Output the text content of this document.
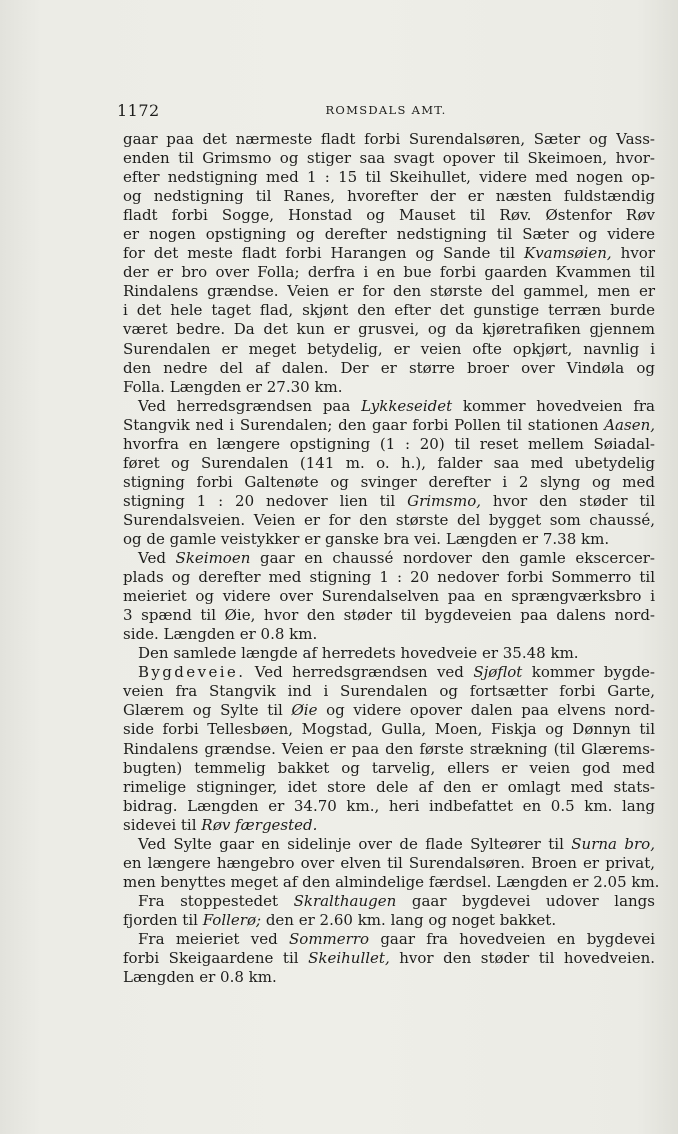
1172	ROMSDALS AMT.
gaar paa det nærmeste fladt forbi Surendalsøren, Sæter og Vass-
enden til Grimsmo og stiger saa svagt opover til Skeimoen, hvor-
efter nedstigning med 1 : 15 til Skeihullet, videre med nogen op-
og nedstigning til Ranes, hvorefter der er næsten fuldstændig
fladt forbi Sogge, Honstad og Mauset til Røv. Østenfor Røv
er nogen opstigning og derefter nedstigning til Sæter og videre
for det meste fladt forbi Harangen og Sande til Kvamsøien, hvor
der er bro over Folla; derfra i en bue forbi gaarden Kvammen til
Rindalens grændse. Veien er for den største del gammel, men er
i det hele taget flad, skjønt den efter det gunstige terræn burde
været bedre. Da det kun er grusvei, og da kjøretrafiken gjennem
Surendalen er meget betydelig, er veien ofte opkjørt, navnlig i
den nedre del af dalen. Der er større broer over Vindøla og
Folla. Længden er 27.30 km.
Ved herredsgrændsen paa Lykkeseidet kommer hovedveien fra
Stangvik ned i Surendalen; den gaar forbi Pollen til stationen Aasen,
hvorfra en længere opstigning (1 : 20) til reset mellem Søiadal-
føret og Surendalen (141 m. o. h.), falder saa med ubetydelig
stigning forbi Galtenøte og svinger derefter i 2 slyng og med
stigning 1 : 20 nedover lien til Grimsmo, hvor den støder til
Surendalsveien. Veien er for den største del bygget som chaussé,
og de gamle veistykker er ganske bra vei. Længden er 7.38 km.
Ved Skeimoen gaar en chaussé nordover den gamle ekscercer-
plads og derefter med stigning 1 : 20 nedover forbi Sommerro til
meieriet og videre over Surendalselven paa en sprængværksbro i
3 spænd til Øie, hvor den støder til bygdeveien paa dalens nord-
side. Længden er 0.8 km.
Den samlede længde af herredets hovedveie er 35.48 km.
Bygdeveie. Ved herredsgrændsen ved Sjøflot kommer bygde-
veien fra Stangvik ind i Surendalen og fortsætter forbi Garte,
Glærem og Sylte til Øie og videre opover dalen paa elvens nord-
side forbi Tellesbøen, Mogstad, Gulla, Moen, Fiskja og Dønnyn til
Rindalens grændse. Veien er paa den første strækning (til Glærems-
bugten) temmelig bakket og tarvelig, ellers er veien god med
rimelige stigninger, idet store dele af den er omlagt med stats-
bidrag. Længden er 34.70 km., heri indbefattet en 0.5 km. lang
sidevei til Røv færgested.
Ved Sylte gaar en sidelinje over de flade Sylteører til Surna bro,
en længere hængebro over elven til Surendalsøren. Broen er privat,
men benyttes meget af den almindelige færdsel. Længden er 2.05 km.
Fra stoppestedet Skralthaugen gaar bygdevei udover langs
fjorden til Follerø; den er 2.60 km. lang og noget bakket.
Fra meieriet ved Sommerro gaar fra hovedveien en bygdevei
forbi Skeigaardene til Skeihullet, hvor den støder til hovedveien.
Længden er 0.8 km.
